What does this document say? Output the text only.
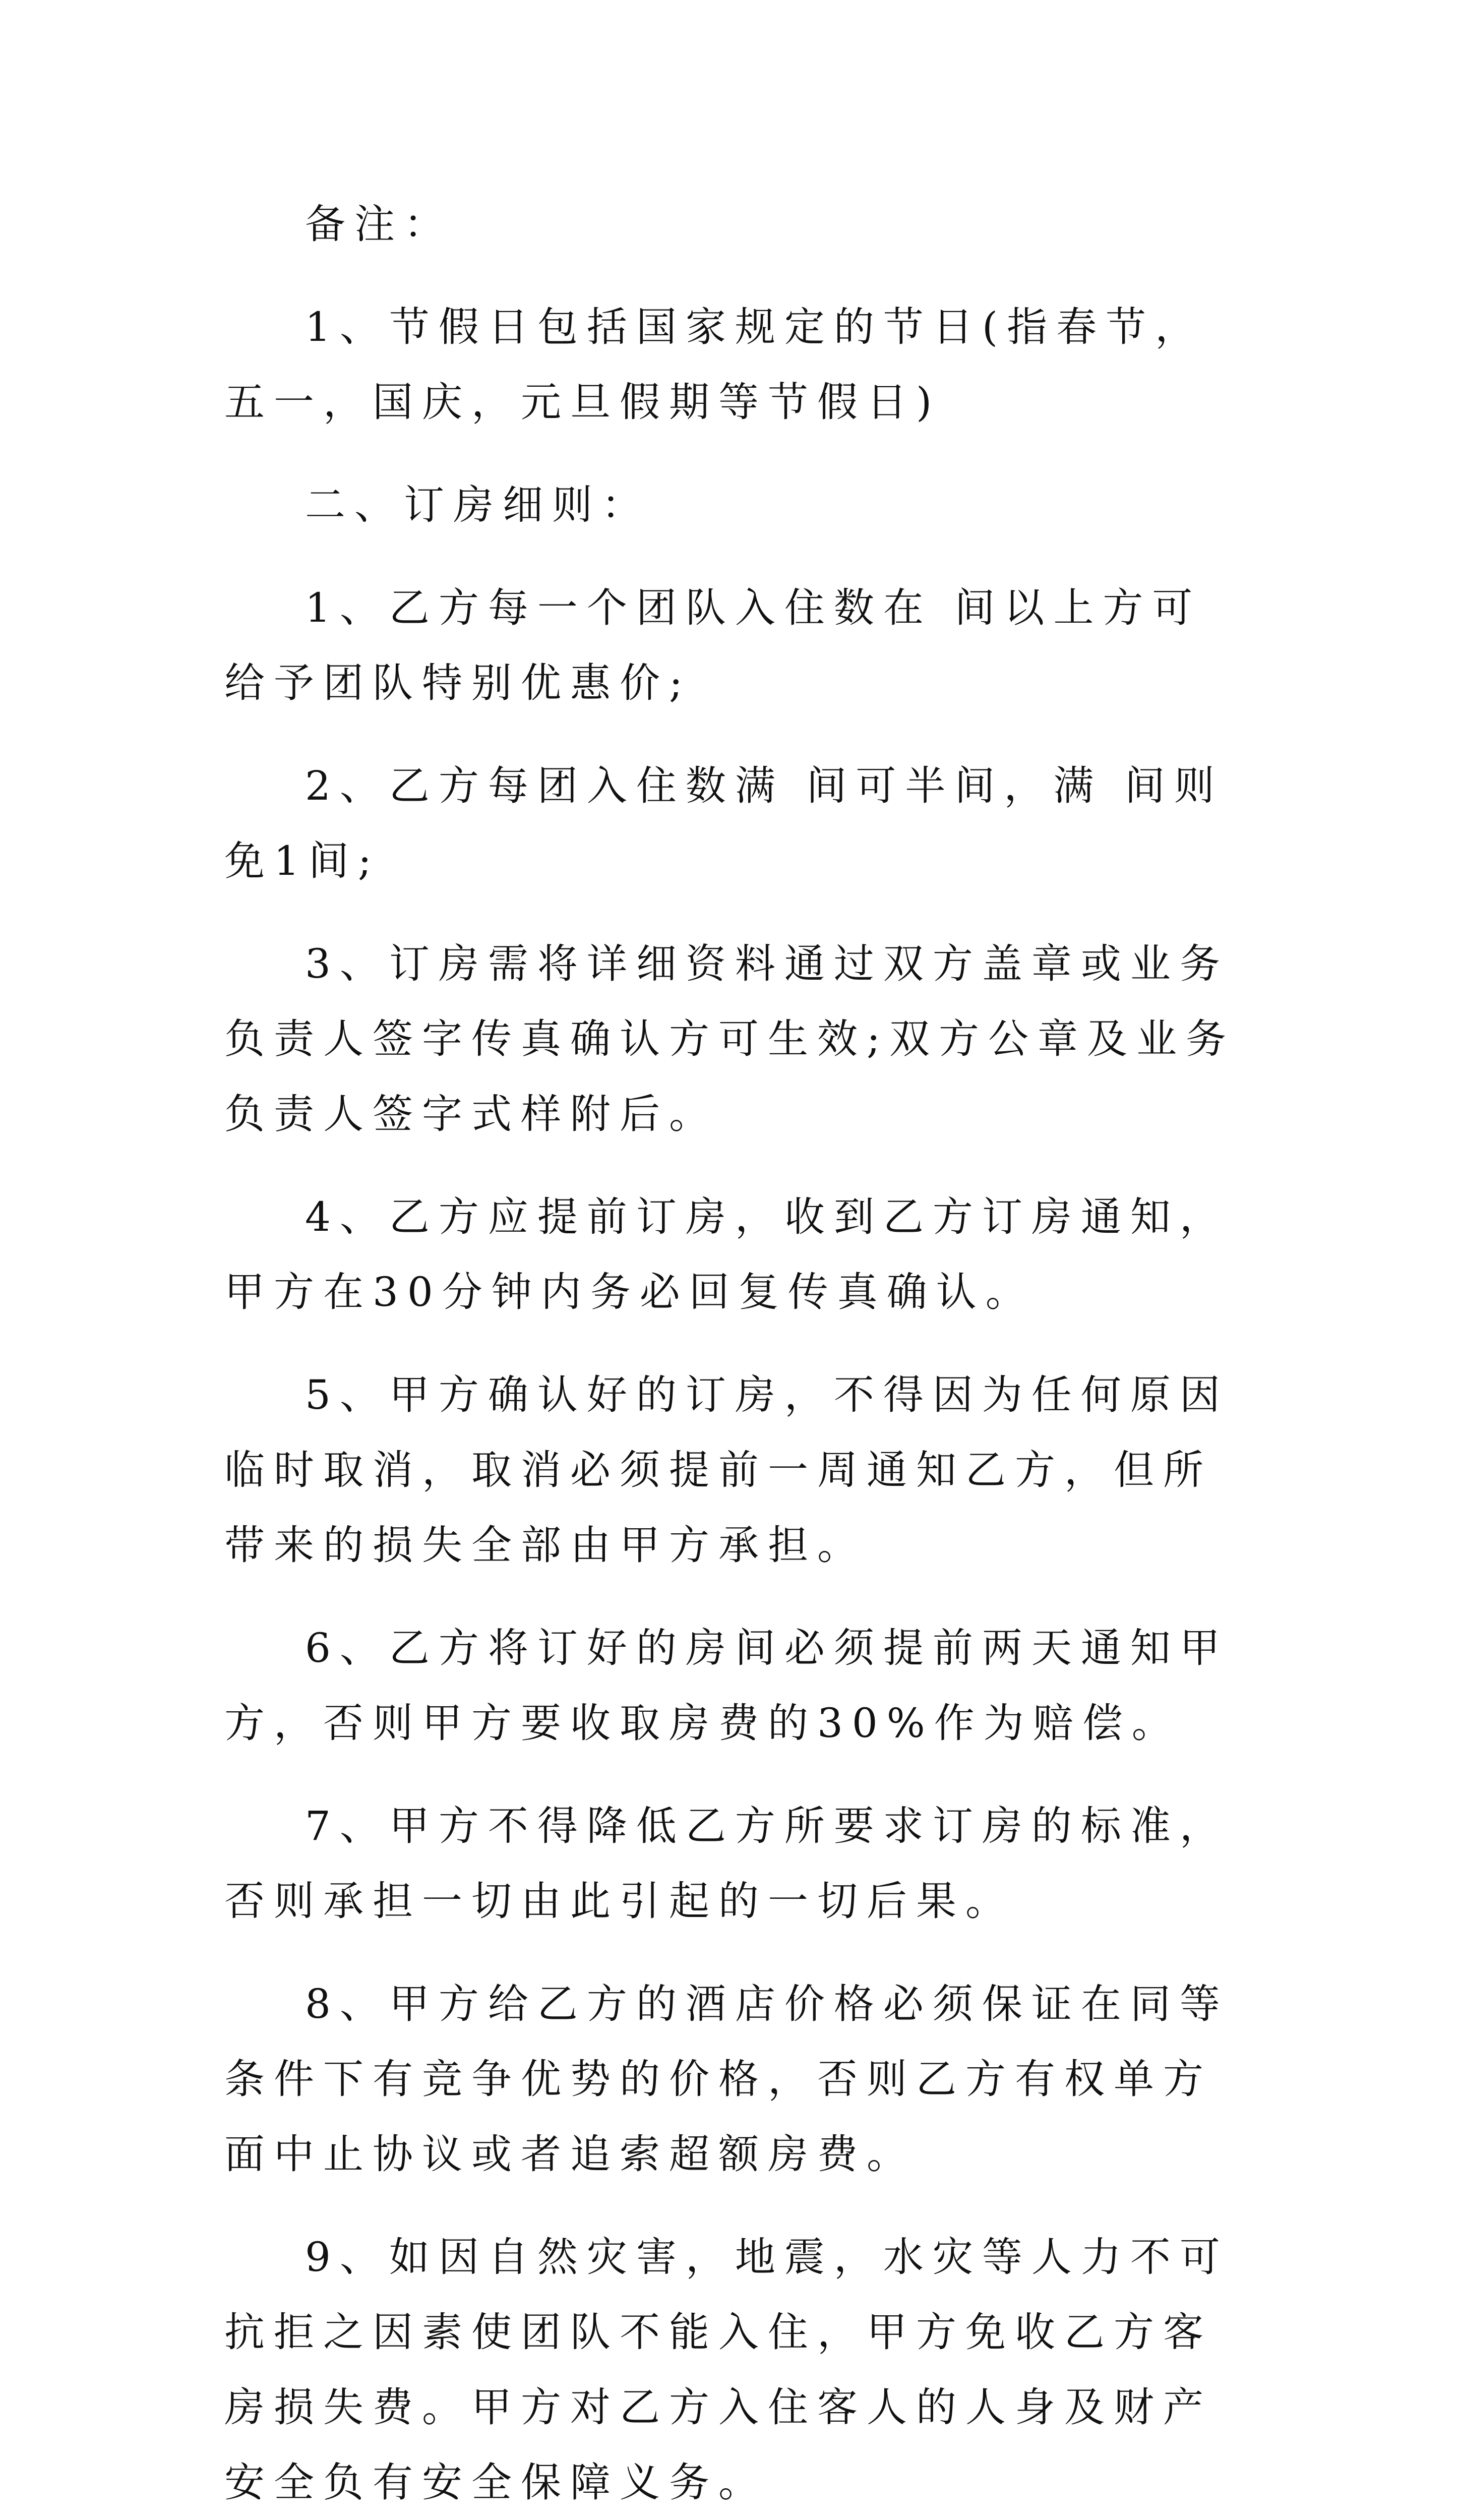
备注：

1、节假日包括国家规定的节日(指春节，五一，国庆，元旦假期等节假日)

二、订房细则：

1、乙方每一个团队入住数在 间以上方可给予团队特别优惠价;

2、乙方每团入住数满 间可半间，满 间则免1间;

3、订房需将详细资料通过双方盖章或业务负责人签字传真确认方可生效;双方公章及业务负责人签字式样附后。

4、乙方应提前订房，收到乙方订房通知，甲方在30分钟内务必回复传真确认。

5、甲方确认好的订房，不得因为任何原因临时取消，取消必须提前一周通知乙方，但所带来的损失全部由甲方承担。

6、乙方将订好的房间必须提前两天通知甲方，否则甲方要收取房费的30%作为赔偿。

7、甲方不得降低乙方所要求订房的标准，否则承担一切由此引起的一切后果。

8、甲方给乙方的酒店价格必须保证在同等条件下有竞争优势的价格，否则乙方有权单方面中止协议或者追索超额房费。

9、如因自然灾害，地震，水灾等人力不可抗拒之因素使团队不能入住，甲方免收乙方客房损失费。甲方对乙方入住客人的人身及财产安全负有安全保障义务。
